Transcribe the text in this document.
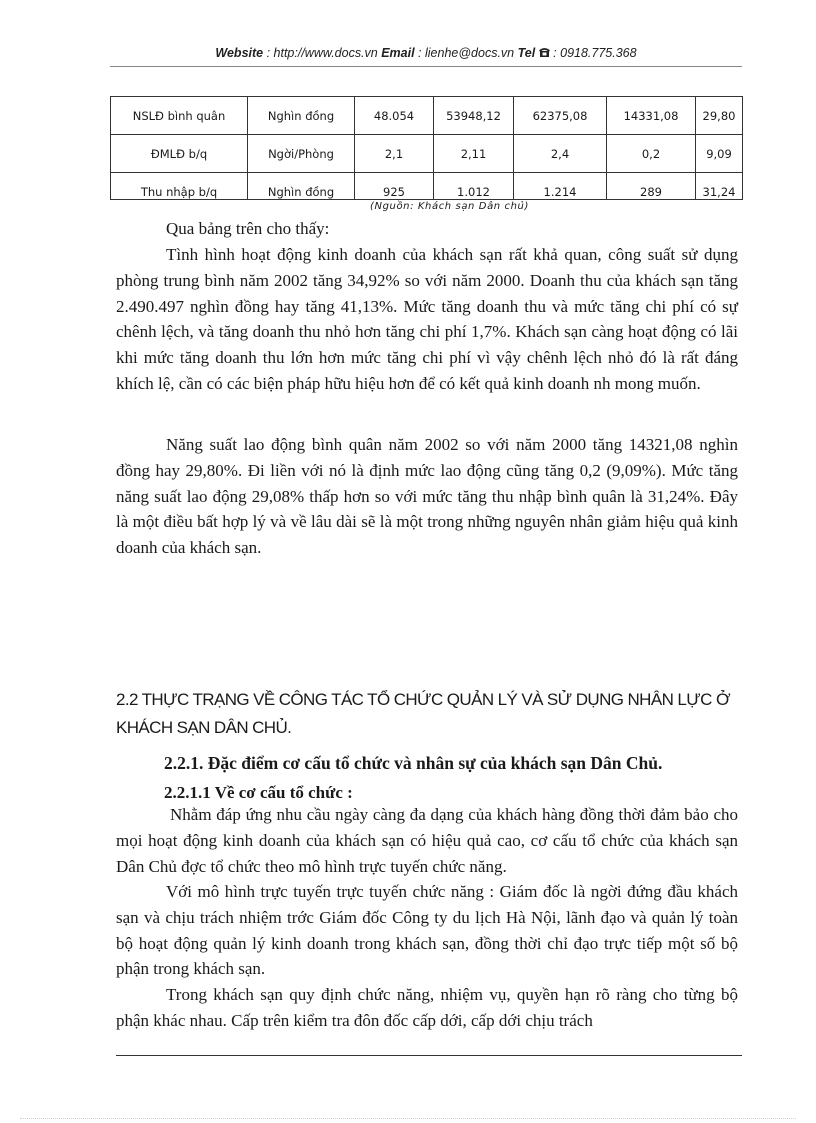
Website : http://www.docs.vn Email : lienhe@docs.vn Tel  : 0918.775.368
NSLĐ bình quân	Nghìn đồng	48.054	53948,12	62375,08	14331,08	29,80
ĐMLĐ b/q	Ngời/Phòng	2,1	2,11	2,4	0,2	9,09
Thu nhập b/q	Nghìn đồng	925	1.012	1.214	289	31,24
(Nguồn: Khách sạn Dân chủ)
Qua bảng trên cho thấy:
Tình hình hoạt động kinh doanh của khách sạn rất khả quan, công suất sử dụng phòng trung bình năm 2002 tăng 34,92% so với năm 2000. Doanh thu của khách sạn tăng 2.490.497 nghìn đồng hay tăng 41,13%. Mức tăng doanh thu và mức tăng chi phí có sự chênh lệch, và tăng doanh thu nhỏ hơn tăng chi phí 1,7%. Khách sạn càng hoạt động có lãi khi mức tăng doanh thu lớn hơn mức tăng chi phí vì vậy chênh lệch nhỏ đó là rất đáng khích lệ, cần có các biện pháp hữu hiệu hơn để có kết quả kinh doanh nh mong muốn.
Năng suất lao động bình quân năm 2002 so với năm 2000 tăng 14321,08 nghìn đồng hay 29,80%. Đi liền với nó là định mức lao động cũng tăng 0,2 (9,09%). Mức tăng năng suất lao động 29,08% thấp hơn so với mức tăng thu nhập bình quân là 31,24%. Đây là một điều bất hợp lý và về lâu dài sẽ là một trong những nguyên nhân giảm hiệu quả kinh doanh của khách sạn.
2.2 THỰC TRẠNG VỀ CÔNG TÁC TỔ CHỨC QUẢN LÝ VÀ SỬ DỤNG NHÂN LỰC Ở KHÁCH SẠN DÂN CHỦ.
2.2.1. Đặc điểm cơ cấu tổ chức và nhân sự của khách sạn Dân Chủ.
2.2.1.1 Về cơ cấu tổ chức :
Nhằm đáp ứng nhu cầu ngày càng đa dạng của khách hàng đồng thời đảm bảo cho mọi hoạt động kinh doanh của khách sạn có hiệu quả cao, cơ cấu tổ chức của khách sạn Dân Chủ đợc tổ chức theo mô hình trực tuyến chức năng.
Với mô hình trực tuyến trực tuyến chức năng : Giám đốc là ngời đứng đầu khách sạn và chịu trách nhiệm trớc Giám đốc Công ty du lịch Hà Nội, lãnh đạo và quản lý toàn bộ hoạt động quản lý kinh doanh trong khách sạn, đồng thời chỉ đạo trực tiếp một số bộ phận trong khách sạn.
Trong khách sạn quy định chức năng, nhiệm vụ, quyền hạn rõ ràng cho từng bộ phận khác nhau. Cấp trên kiểm tra đôn đốc cấp dới, cấp dới chịu trách
